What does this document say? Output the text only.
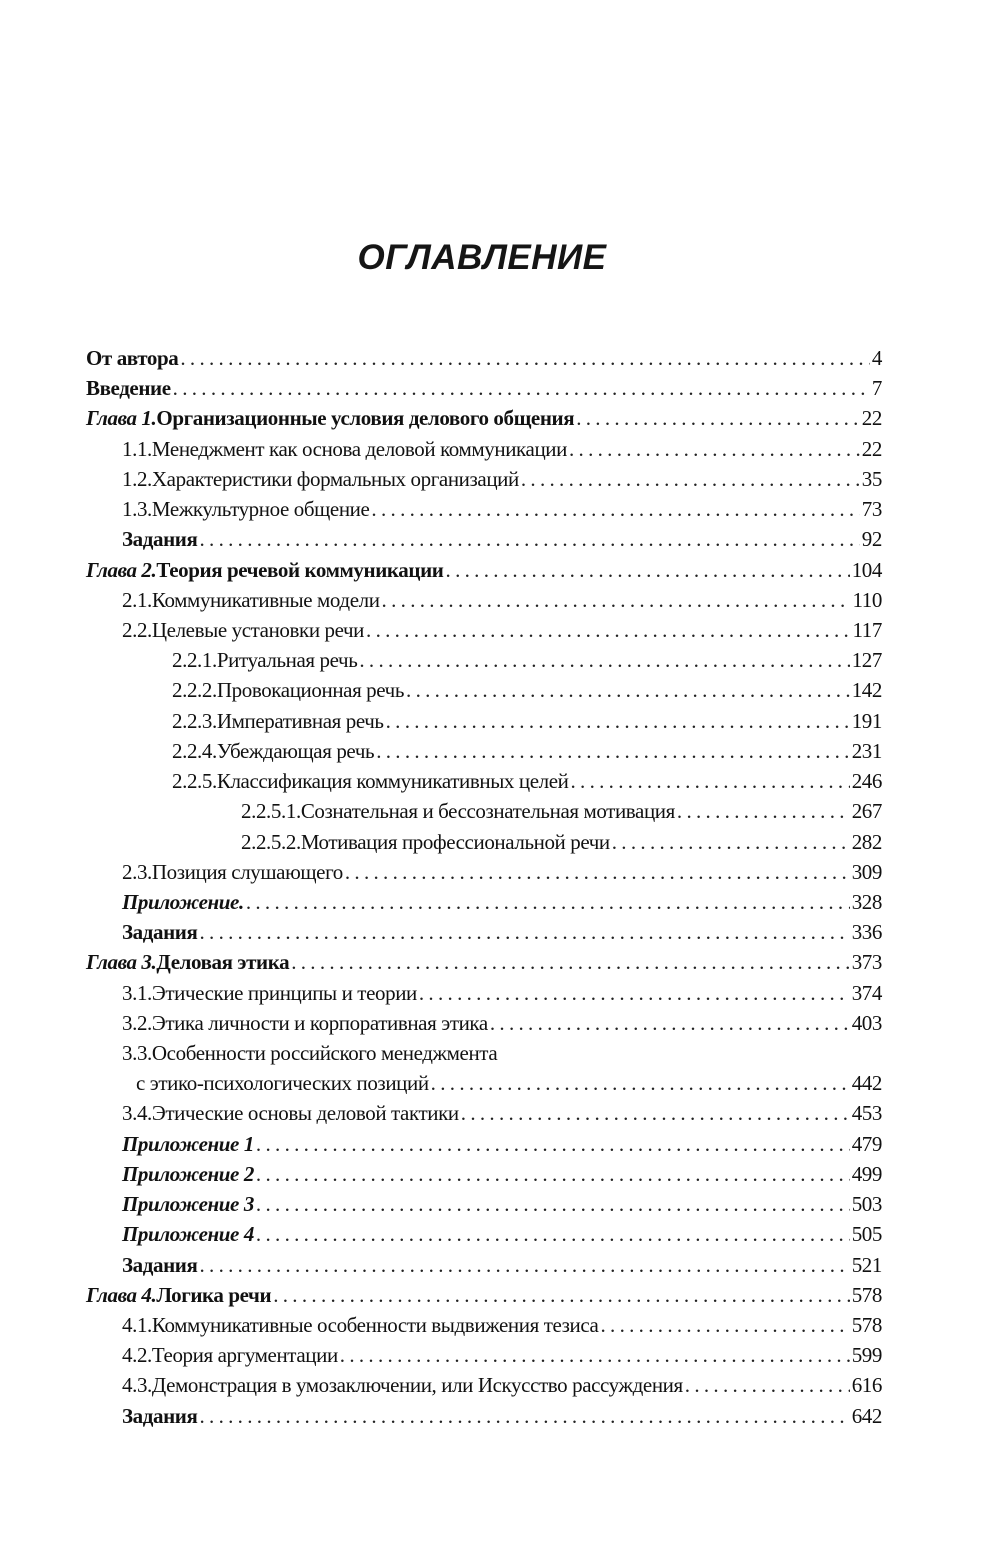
ОГЛАВЛЕНИЕ
От автора .....	4
Введение .....	7
Глава 1. Организационные условия делового общения .....	22
1.1. Менеджмент как основа деловой коммуникации .....	22
1.2. Характеристики формальных организаций .....	35
1.3. Межкультурное общение .....	73
Задания .....	92
Глава 2. Теория речевой коммуникации .....	104
2.1. Коммуникативные модели .....	110
2.2. Целевые установки речи .....	117
2.2.1. Ритуальная речь .....	127
2.2.2. Провокационная речь .....	142
2.2.3. Императивная речь .....	191
2.2.4. Убеждающая речь .....	231
2.2.5. Классификация коммуникативных целей .....	246
2.2.5.1. Сознательная и бессознательная мотивация .....	267
2.2.5.2. Мотивация профессиональной речи .....	282
2.3. Позиция слушающего .....	309
Приложение. .....	328
Задания .....	336
Глава 3. Деловая этика .....	373
3.1. Этические принципы и теории .....	374
3.2. Этика личности и корпоративная этика .....	403
3.3. Особенности российского менеджмента
с этико-психологических позиций .....	442
3.4. Этические основы деловой тактики .....	453
Приложение 1 .....	479
Приложение 2 .....	499
Приложение 3 .....	503
Приложение 4 .....	505
Задания .....	521
Глава 4. Логика речи .....	578
4.1. Коммуникативные особенности выдвижения тезиса .....	578
4.2. Теория аргументации .....	599
4.3. Демонстрация в умозаключении, или Искусство рассуждения .....	616
Задания .....	642
